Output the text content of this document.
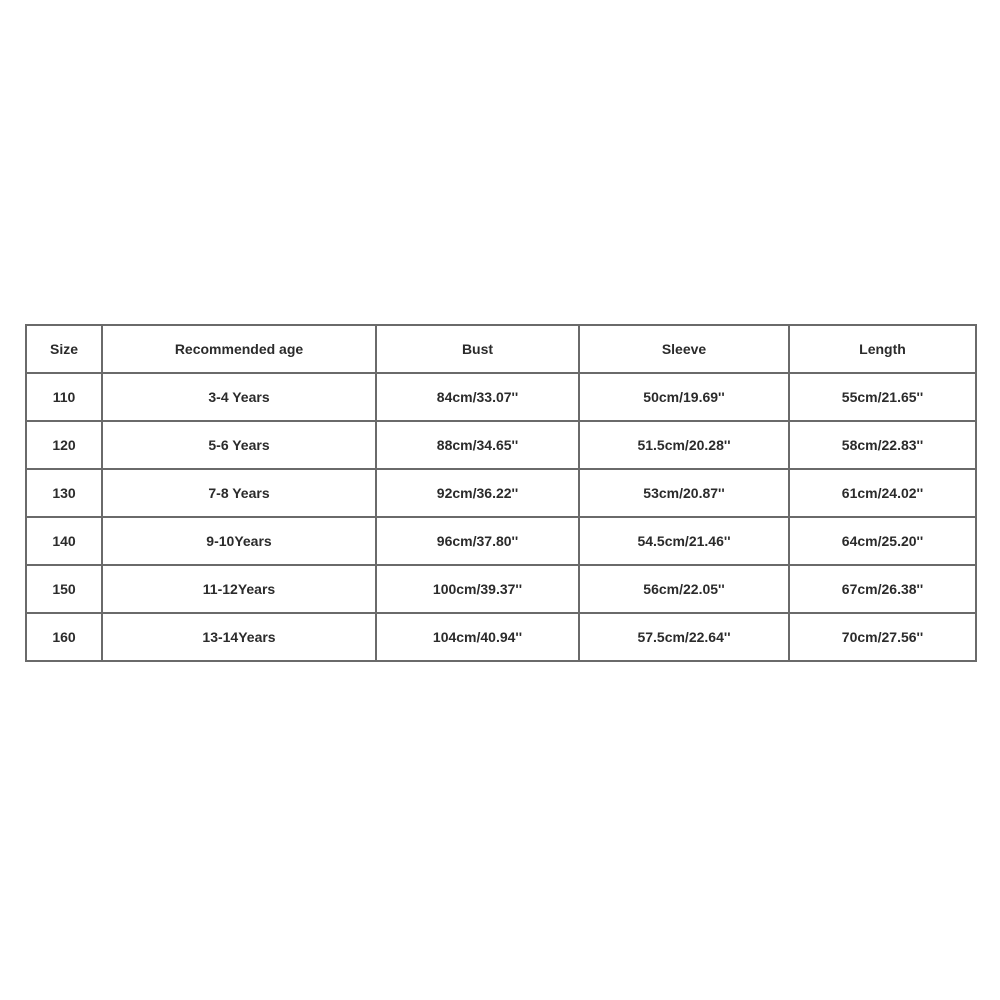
Size	Recommended age	Bust	Sleeve	Length
110	3-4 Years	84cm/33.07''	50cm/19.69''	55cm/21.65''
120	5-6 Years	88cm/34.65''	51.5cm/20.28''	58cm/22.83''
130	7-8 Years	92cm/36.22''	53cm/20.87''	61cm/24.02''
140	9-10Years	96cm/37.80''	54.5cm/21.46''	64cm/25.20''
150	11-12Years	100cm/39.37''	56cm/22.05''	67cm/26.38''
160	13-14Years	104cm/40.94''	57.5cm/22.64''	70cm/27.56''
